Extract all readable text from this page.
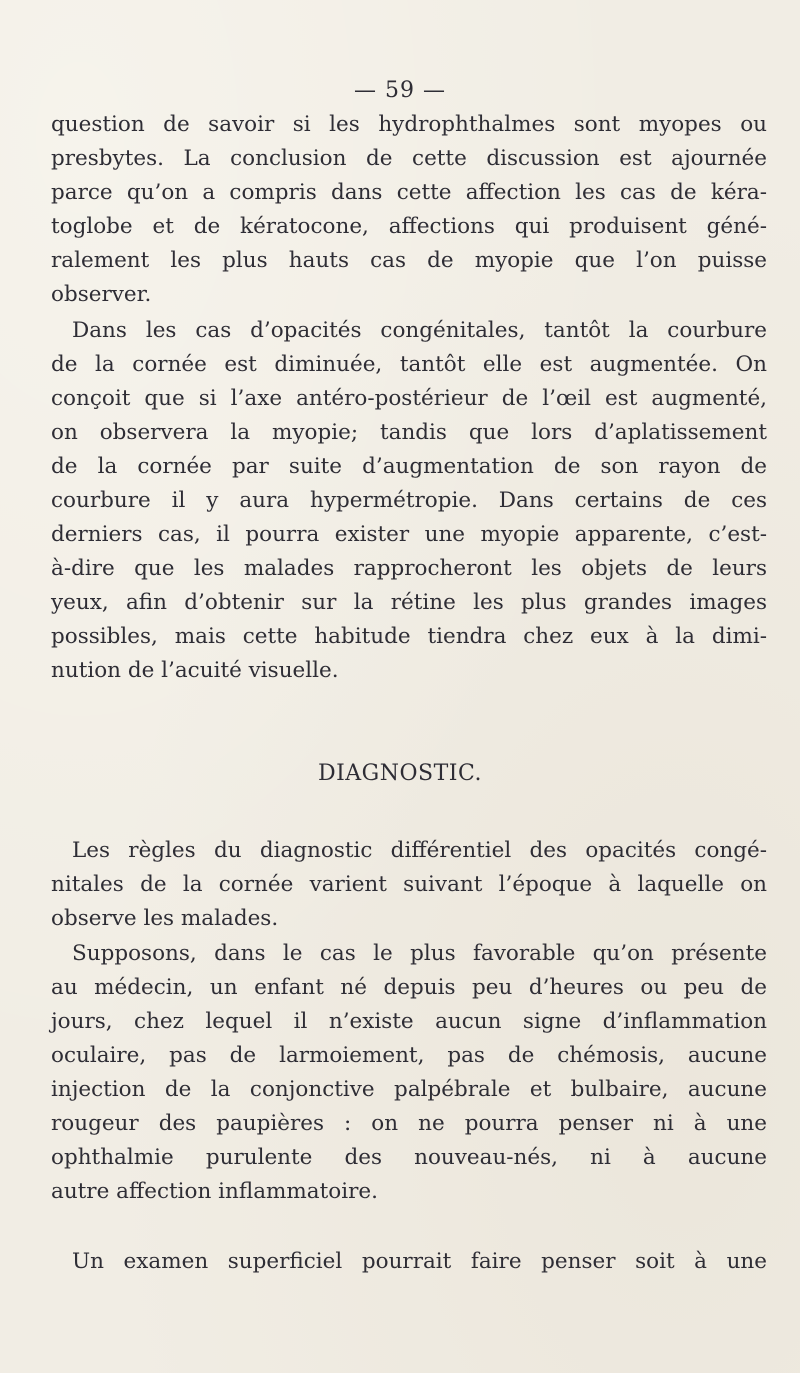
— 59 —
question de savoir si les hydrophthalmes sont myopes ou
presbytes. La conclusion de cette discussion est ajournée
parce qu’on a compris dans cette affection les cas de kéra-
toglobe et de kératocone, affections qui produisent géné-
ralement les plus hauts cas de myopie que l’on puisse
observer.
Dans les cas d’opacités congénitales, tantôt la courbure
de la cornée est diminuée, tantôt elle est augmentée. On
conçoit que si l’axe antéro-postérieur de l’œil est augmenté,
on observera la myopie; tandis que lors d’aplatissement
de la cornée par suite d’augmentation de son rayon de
courbure il y aura hypermétropie. Dans certains de ces
derniers cas, il pourra exister une myopie apparente, c’est-
à-dire que les malades rapprocheront les objets de leurs
yeux, afin d’obtenir sur la rétine les plus grandes images
possibles, mais cette habitude tiendra chez eux à la dimi-
nution de l’acuité visuelle.
DIAGNOSTIC.
Les règles du diagnostic différentiel des opacités congé-
nitales de la cornée varient suivant l’époque à laquelle on
observe les malades.
Supposons, dans le cas le plus favorable qu’on présente
au médecin, un enfant né depuis peu d’heures ou peu de
jours, chez lequel il n’existe aucun signe d’inflammation
oculaire, pas de larmoiement, pas de chémosis, aucune
injection de la conjonctive palpébrale et bulbaire, aucune
rougeur des paupières : on ne pourra penser ni à une
ophthalmie purulente des nouveau-nés, ni à aucune
autre affection inflammatoire.
Un examen superficiel pourrait faire penser soit à une
